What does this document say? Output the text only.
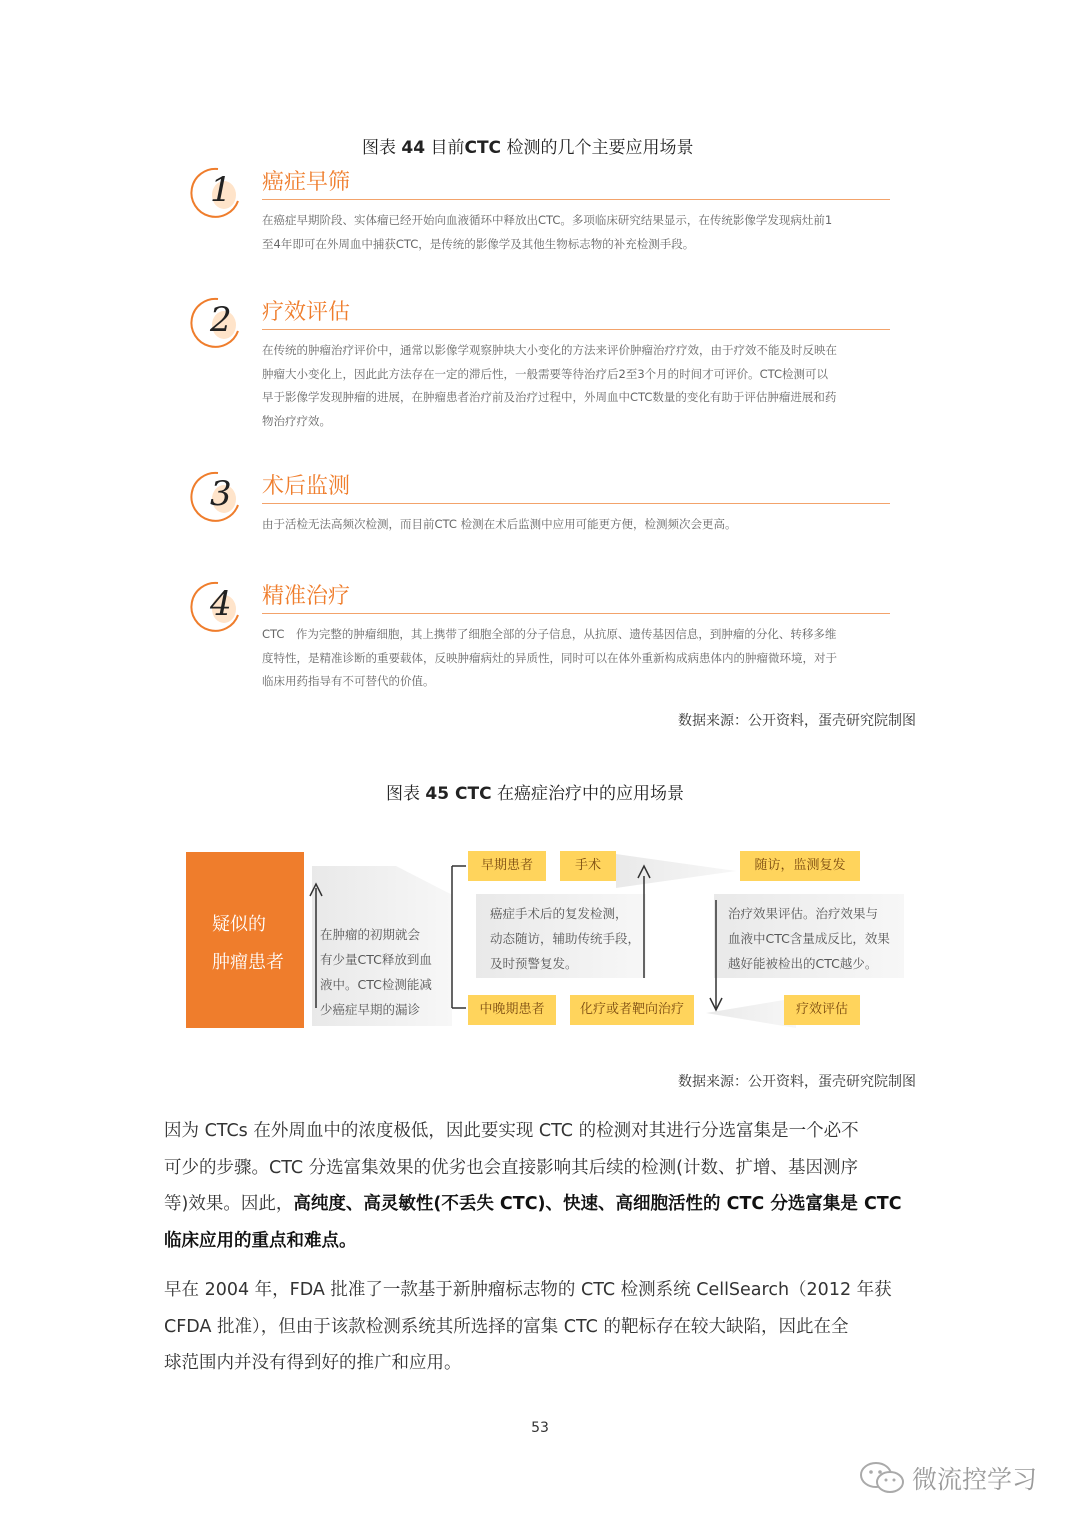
图表 44 目前CTC 检测的几个主要应用场景
1 癌症早筛
在癌症早期阶段、实体瘤已经开始向血液循环中释放出CTC。多项临床研究结果显示，在传统影像学发现病灶前1
至4年即可在外周血中捕获CTC，是传统的影像学及其他生物标志物的补充检测手段。
2 疗效评估
在传统的肿瘤治疗评价中，通常以影像学观察肿块大小变化的方法来评价肿瘤治疗疗效，由于疗效不能及时反映在
肿瘤大小变化上，因此此方法存在一定的滞后性，一般需要等待治疗后2至3个月的时间才可评价。CTC检测可以
早于影像学发现肿瘤的进展，在肿瘤患者治疗前及治疗过程中，外周血中CTC数量的变化有助于评估肿瘤进展和药
物治疗疗效。
3 术后监测
由于活检无法高频次检测，而目前CTC 检测在术后监测中应用可能更方便，检测频次会更高。
4 精准治疗
CTC　作为完整的肿瘤细胞，其上携带了细胞全部的分子信息，从抗原、遗传基因信息，到肿瘤的分化、转移多维
度特性，是精准诊断的重要载体，反映肿瘤病灶的异质性，同时可以在体外重新构成病患体内的肿瘤微环境，对于
临床用药指导有不可替代的价值。
数据来源：公开资料，蛋壳研究院制图
图表 45 CTC 在癌症治疗中的应用场景
疑似的
肿瘤患者
在肿瘤的初期就会
有少量CTC释放到血
液中。CTC检测能减
少癌症早期的漏诊
癌症手术后的复发检测，
动态随访，辅助传统手段，
及时预警复发。
治疗效果评估。治疗效果与
血液中CTC含量成反比，效果
越好能被检出的CTC越少。
早期患者	手术	随访，监测复发
中晚期患者	化疗或者靶向治疗	疗效评估
数据来源：公开资料，蛋壳研究院制图
因为 CTCs 在外周血中的浓度极低，因此要实现 CTC 的检测对其进行分选富集是一个必不
可少的步骤。CTC 分选富集效果的优劣也会直接影响其后续的检测(计数、扩增、基因测序
等)效果。因此，高纯度、高灵敏性(不丢失 CTC)、快速、高细胞活性的 CTC 分选富集是 CTC
临床应用的重点和难点。
早在 2004 年，FDA 批准了一款基于新肿瘤标志物的 CTC 检测系统 CellSearch（2012 年获
CFDA 批准），但由于该款检测系统其所选择的富集 CTC 的靶标存在较大缺陷，因此在全
球范围内并没有得到好的推广和应用。
53
微流控学习
